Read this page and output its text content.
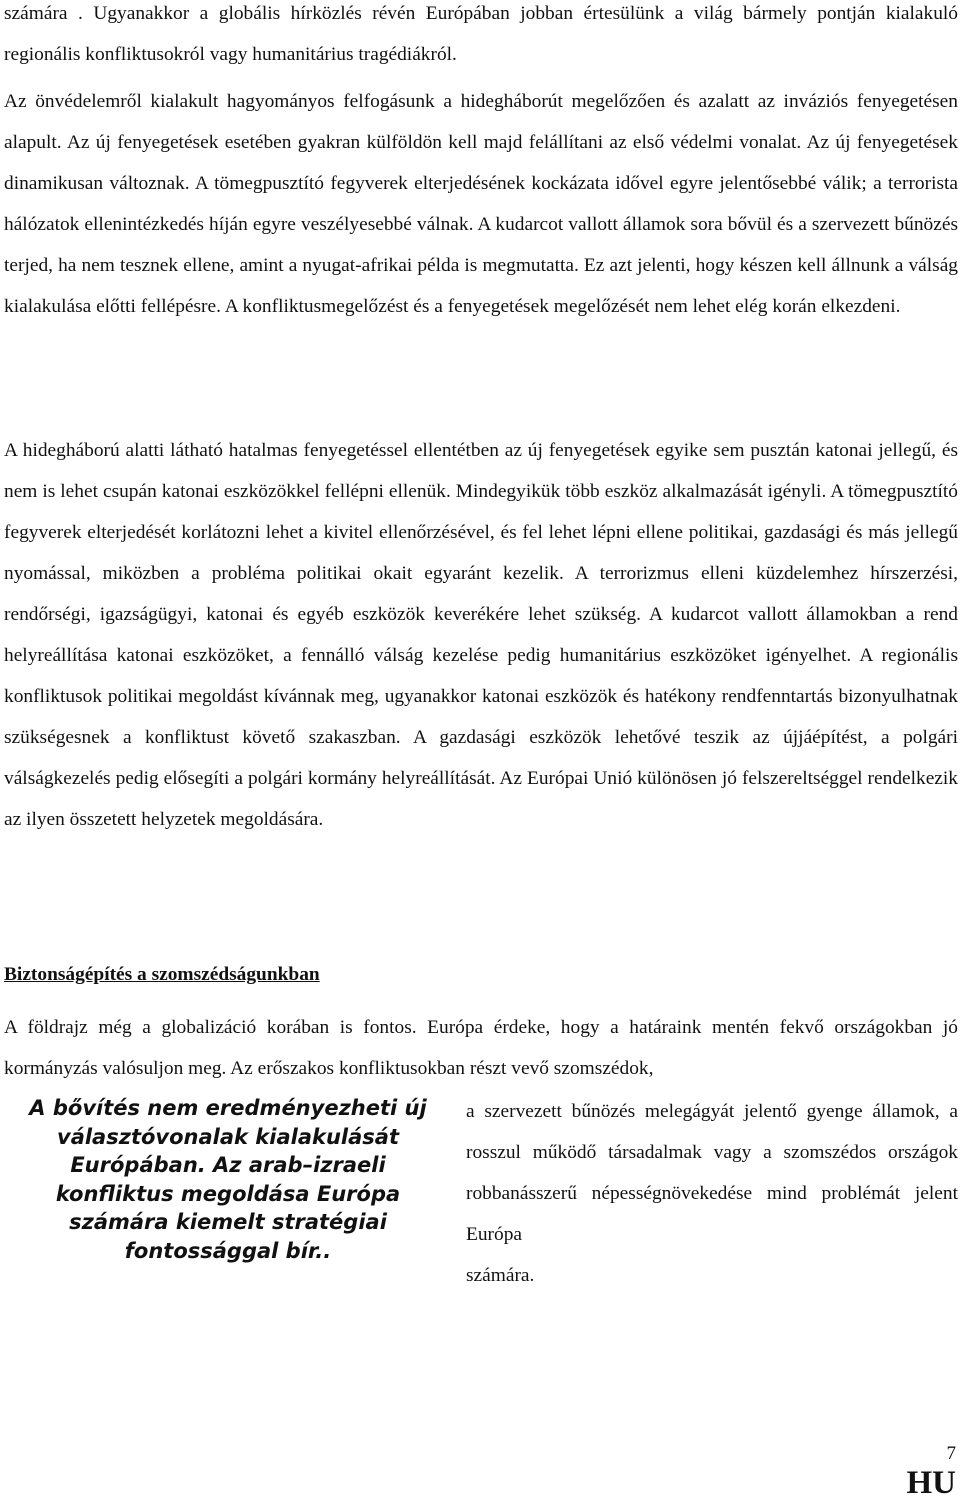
számára . Ugyanakkor a globális hírközlés révén Európában jobban értesülünk a világ bármely pontján kialakuló regionális konfliktusokról vagy humanitárius tragédiákról.

Az önvédelemről kialakult hagyományos felfogásunk a hidegháborút megelőzően és azalatt az inváziós fenyegetésen alapult. Az új fenyegetések esetében gyakran külföldön kell majd felállítani az első védelmi vonalat. Az új fenyegetések dinamikusan változnak. A tömegpusztító fegyverek elterjedésének kockázata idővel egyre jelentősebbé válik; a terrorista hálózatok ellenintézkedés híján egyre veszélyesebbé válnak. A kudarcot vallott államok sora bővül és a szervezett bűnözés terjed, ha nem tesznek ellene, amint a nyugat-afrikai példa is megmutatta. Ez azt jelenti, hogy készen kell állnunk a válság kialakulása előtti fellépésre. A konfliktusmegelőzést és a fenyegetések megelőzését nem lehet elég korán elkezdeni.

A hidegháború alatti látható hatalmas fenyegetéssel ellentétben az új fenyegetések egyike sem pusztán katonai jellegű, és nem is lehet csupán katonai eszközökkel fellépni ellenük. Mindegyikük több eszköz alkalmazását igényli. A tömegpusztító fegyverek elterjedését korlátozni lehet a kivitel ellenőrzésével, és fel lehet lépni ellene politikai, gazdasági és más jellegű nyomással, miközben a probléma politikai okait egyaránt kezelik. A terrorizmus elleni küzdelemhez hírszerzési, rendőrségi, igazságügyi, katonai és egyéb eszközök keverékére lehet szükség. A kudarcot vallott államokban a rend helyreállítása katonai eszközöket, a fennálló válság kezelése pedig humanitárius eszközöket igényelhet. A regionális konfliktusok politikai megoldást kívánnak meg, ugyanakkor katonai eszközök és hatékony rendfenntartás bizonyulhatnak szükségesnek a konfliktust követő szakaszban. A gazdasági eszközök lehetővé teszik az újjáépítést, a polgári válságkezelés pedig elősegíti a polgári kormány helyreállítását. Az Európai Unió különösen jó felszereltséggel rendelkezik az ilyen összetett helyzetek megoldására.

Biztonságépítés a szomszédságunkban

A földrajz még a globalizáció korában is fontos. Európa érdeke, hogy a határaink mentén fekvő országokban jó kormányzás valósuljon meg. Az erőszakos konfliktusokban részt vevő szomszédok,

A bővítés nem eredményezheti új választóvonalak kialakulását Európában. Az arab–izraeli konfliktus megoldása Európa számára kiemelt stratégiai fontossággal bír..

a szervezett bűnözés melegágyát jelentő gyenge államok, a rosszul működő társadalmak vagy a szomszédos országok robbanásszerű népességnövekedése mind problémát jelent Európa

számára.

7
HU
